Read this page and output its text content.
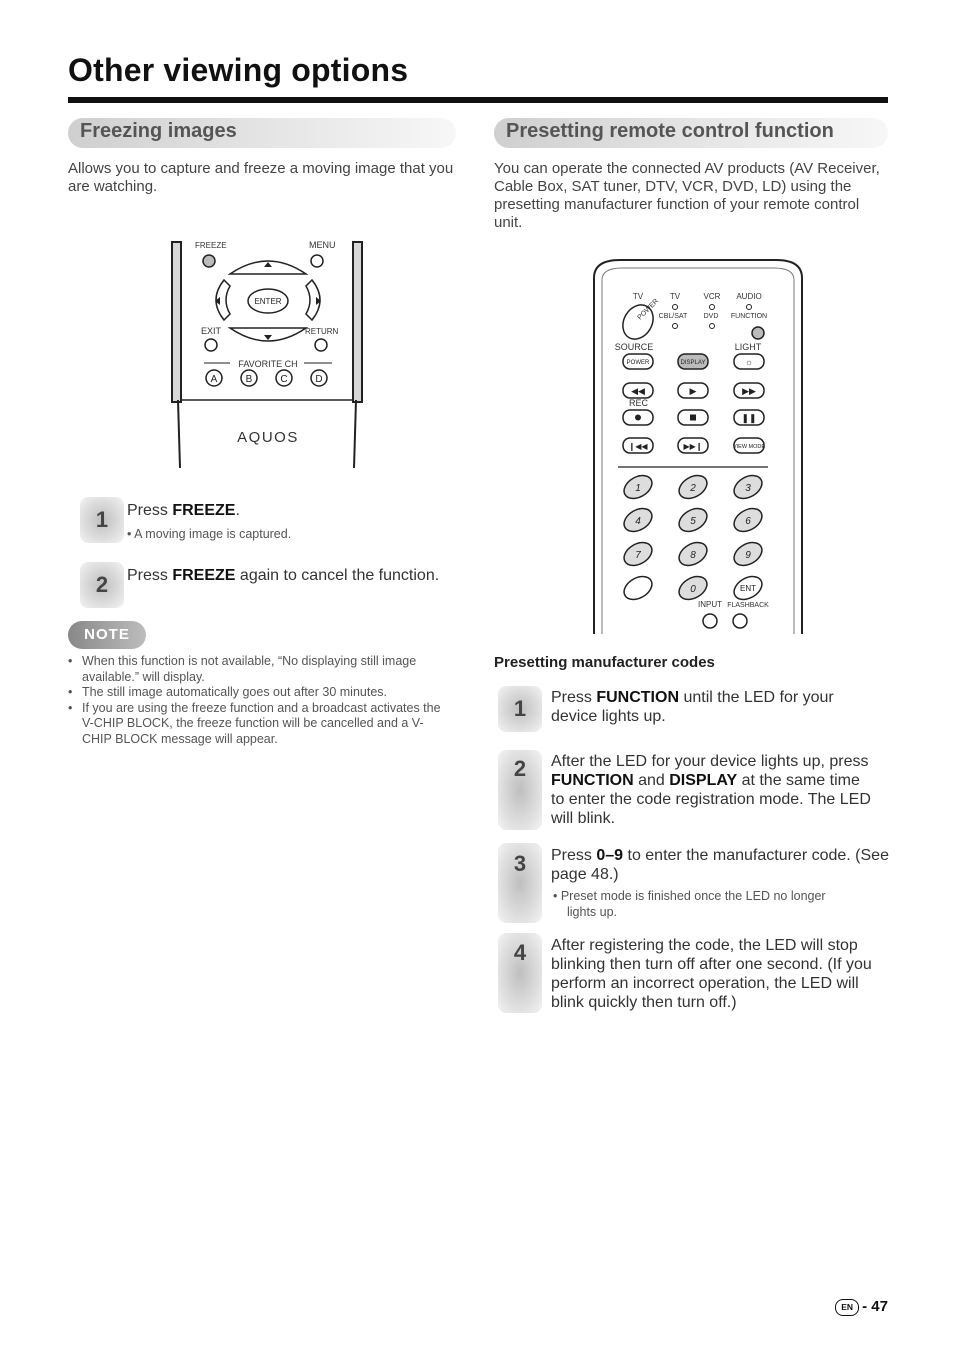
Other viewing options
Freezing images	Presetting remote control function
Allows you to capture and freeze a moving image that you are watching.
You can operate the connected AV products (AV Receiver, Cable Box, SAT tuner, DTV, VCR, DVD, LD) using the presetting manufacturer function of your remote control unit.
FREEZE	MENU
ENTER
EXIT	RETURN
FAVORITE CH
A	B	C	D
AQUOS
1	Press FREEZE.
• A moving image is captured.
2	Press FREEZE again to cancel the function.
NOTE
• When this function is not available, “No displaying still image available.” will display.
• The still image automatically goes out after 30 minutes.
• If you are using the freeze function and a broadcast activates the V-CHIP BLOCK, the freeze function will be cancelled and a V-CHIP BLOCK message will appear.
TV	TV	VCR AUDIO
CBL/SAT DVD FUNCTION
POWER
SOURCE	LIGHT
POWER	DISPLAY	☼
◀◀	▶	▶▶
REC
❚❚
❙◀◀	▶▶❙	VIEW MODE
1	2	3
4	5	6
7	8	9
0	ENT
INPUT FLASHBACK
Presetting manufacturer codes
1	Press FUNCTION until the LED for your
device lights up.
2	After the LED for your device lights up, press
FUNCTION and DISPLAY at the same time
to enter the code registration mode. The LED
will blink.
3	Press 0–9 to enter the manufacturer code. (See
page 48.)
• Preset mode is finished once the LED no longer
lights up.
4	After registering the code, the LED will stop
blinking then turn off after one second. (If you
perform an incorrect operation, the LED will
blink quickly then turn off.)
EN - 47
